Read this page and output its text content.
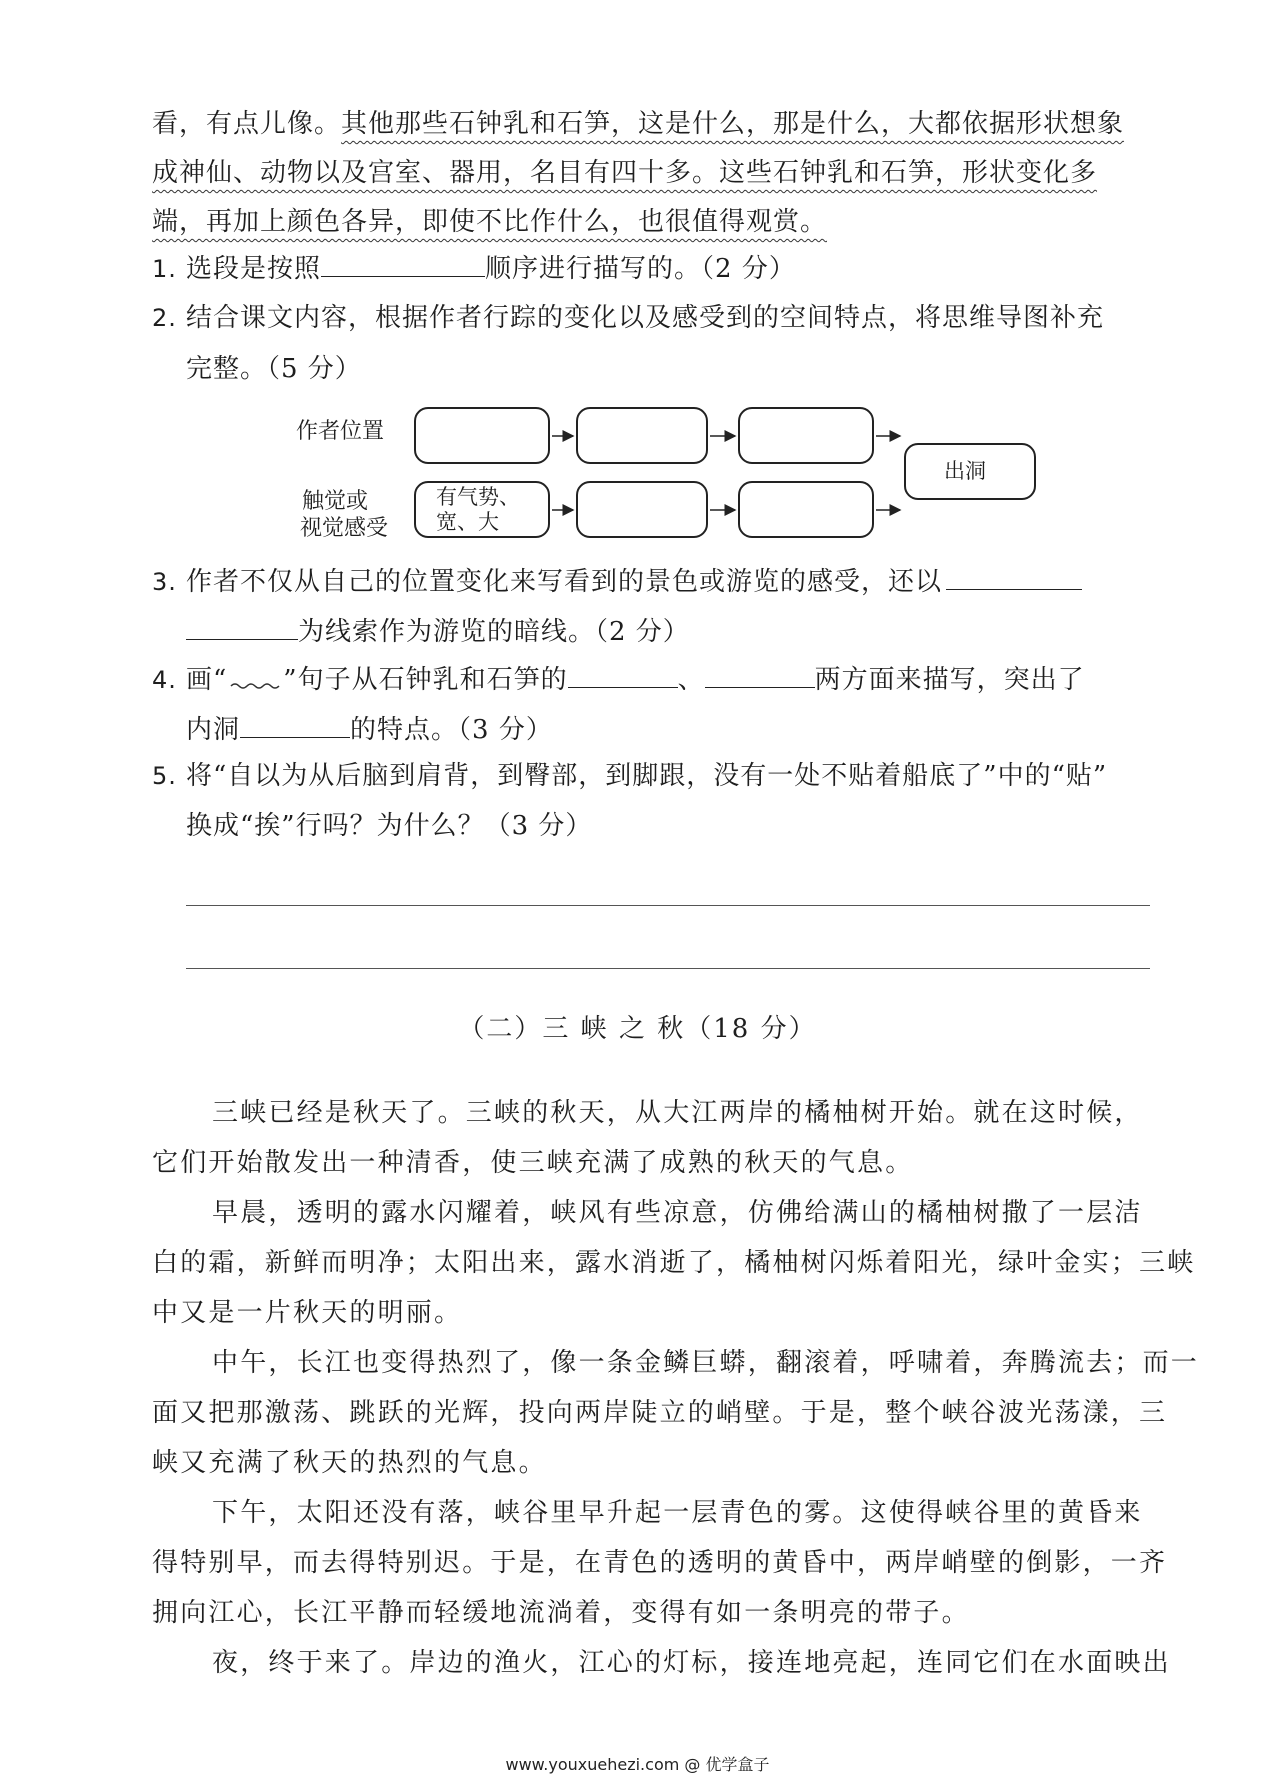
看，有点儿像。其他那些石钟乳和石笋，这是什么，那是什么，大都依据形状想象
成神仙、动物以及宫室、器用，名目有四十多。这些石钟乳和石笋，形状变化多
端，再加上颜色各异，即使不比作什么，也很值得观赏。
1. 选段是按照	顺序进行描写的。（2 分）
2. 结合课文内容，根据作者行踪的变化以及感受到的空间特点，将思维导图补充
完整。（5 分）
作者位置
触觉或
视觉感受
有气势、
宽、大
出洞
3. 作者不仅从自己的位置变化来写看到的景色或游览的感受，还以
为线索作为游览的暗线。（2 分）
4. 画“ ”句子从石钟乳和石笋的	、	两方面来描写，突出了
内洞	的特点。（3 分）
5. 将“自以为从后脑到肩背，到臀部，到脚跟，没有一处不贴着船底了”中的“贴”
换成“挨”行吗？为什么？（3 分）
（二）三 峡 之 秋（18 分）
三峡已经是秋天了。三峡的秋天，从大江两岸的橘柚树开始。就在这时候，
它们开始散发出一种清香，使三峡充满了成熟的秋天的气息。
早晨，透明的露水闪耀着，峡风有些凉意，仿佛给满山的橘柚树撒了一层洁
白的霜，新鲜而明净；太阳出来，露水消逝了，橘柚树闪烁着阳光，绿叶金实；三峡
中又是一片秋天的明丽。
中午，长江也变得热烈了，像一条金鳞巨蟒，翻滚着，呼啸着，奔腾流去；而一
面又把那激荡、跳跃的光辉，投向两岸陡立的峭壁。于是，整个峡谷波光荡漾，三
峡又充满了秋天的热烈的气息。
下午，太阳还没有落，峡谷里早升起一层青色的雾。这使得峡谷里的黄昏来
得特别早，而去得特别迟。于是，在青色的透明的黄昏中，两岸峭壁的倒影，一齐
拥向江心，长江平静而轻缓地流淌着，变得有如一条明亮的带子。
夜，终于来了。岸边的渔火，江心的灯标，接连地亮起，连同它们在水面映出
www.youxuehezi.com @ 优学盒子
